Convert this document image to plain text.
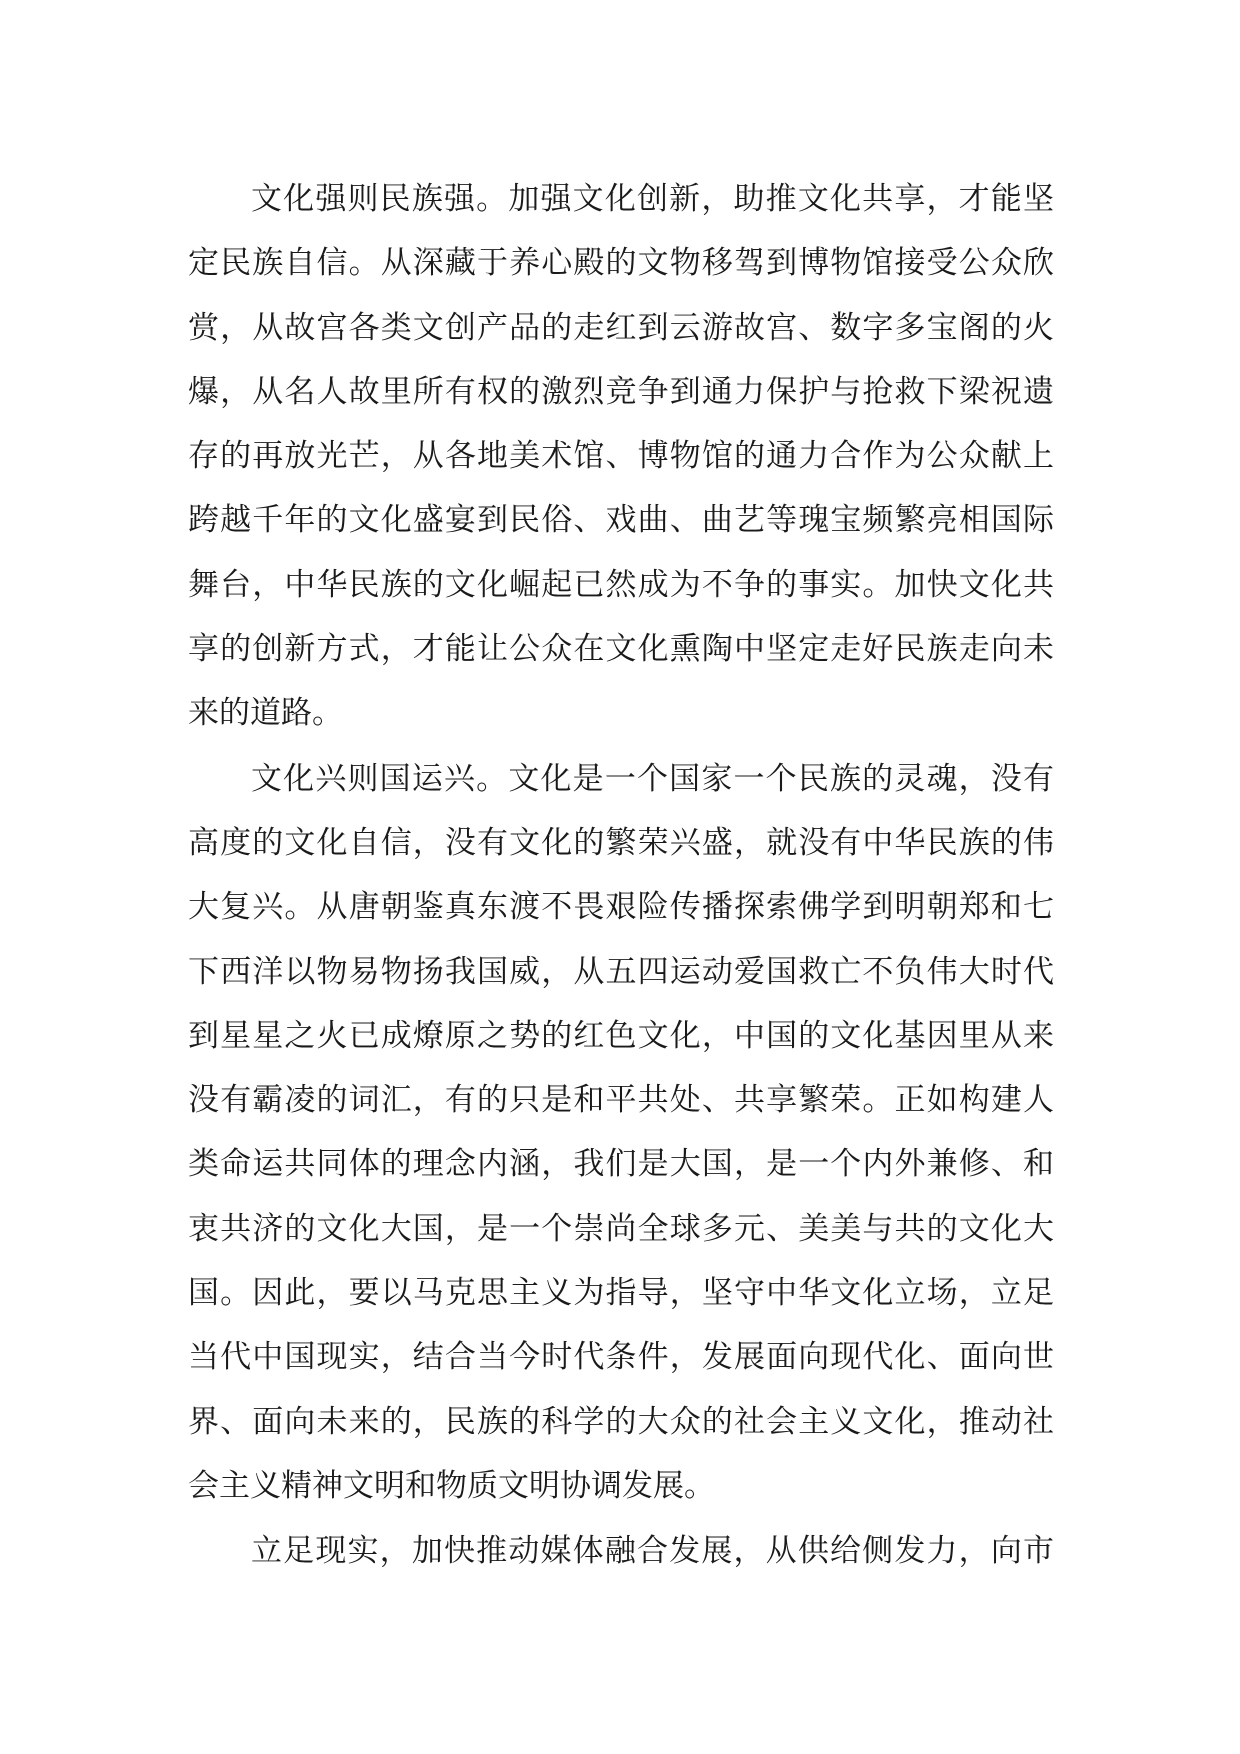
文化强则民族强。加强文化创新，助推文化共享，才能坚
定民族自信。从深藏于养心殿的文物移驾到博物馆接受公众欣
赏，从故宫各类文创产品的走红到云游故宫、数字多宝阁的火
爆，从名人故里所有权的激烈竞争到通力保护与抢救下梁祝遗
存的再放光芒，从各地美术馆、博物馆的通力合作为公众献上
跨越千年的文化盛宴到民俗、戏曲、曲艺等瑰宝频繁亮相国际
舞台，中华民族的文化崛起已然成为不争的事实。加快文化共
享的创新方式，才能让公众在文化熏陶中坚定走好民族走向未
来的道路。
文化兴则国运兴。文化是一个国家一个民族的灵魂，没有
高度的文化自信，没有文化的繁荣兴盛，就没有中华民族的伟
大复兴。从唐朝鉴真东渡不畏艰险传播探索佛学到明朝郑和七
下西洋以物易物扬我国威，从五四运动爱国救亡不负伟大时代
到星星之火已成燎原之势的红色文化，中国的文化基因里从来
没有霸凌的词汇，有的只是和平共处、共享繁荣。正如构建人
类命运共同体的理念内涵，我们是大国，是一个内外兼修、和
衷共济的文化大国，是一个崇尚全球多元、美美与共的文化大
国。因此，要以马克思主义为指导，坚守中华文化立场，立足
当代中国现实，结合当今时代条件，发展面向现代化、面向世
界、面向未来的，民族的科学的大众的社会主义文化，推动社
会主义精神文明和物质文明协调发展。
立足现实，加快推动媒体融合发展，从供给侧发力，向市
